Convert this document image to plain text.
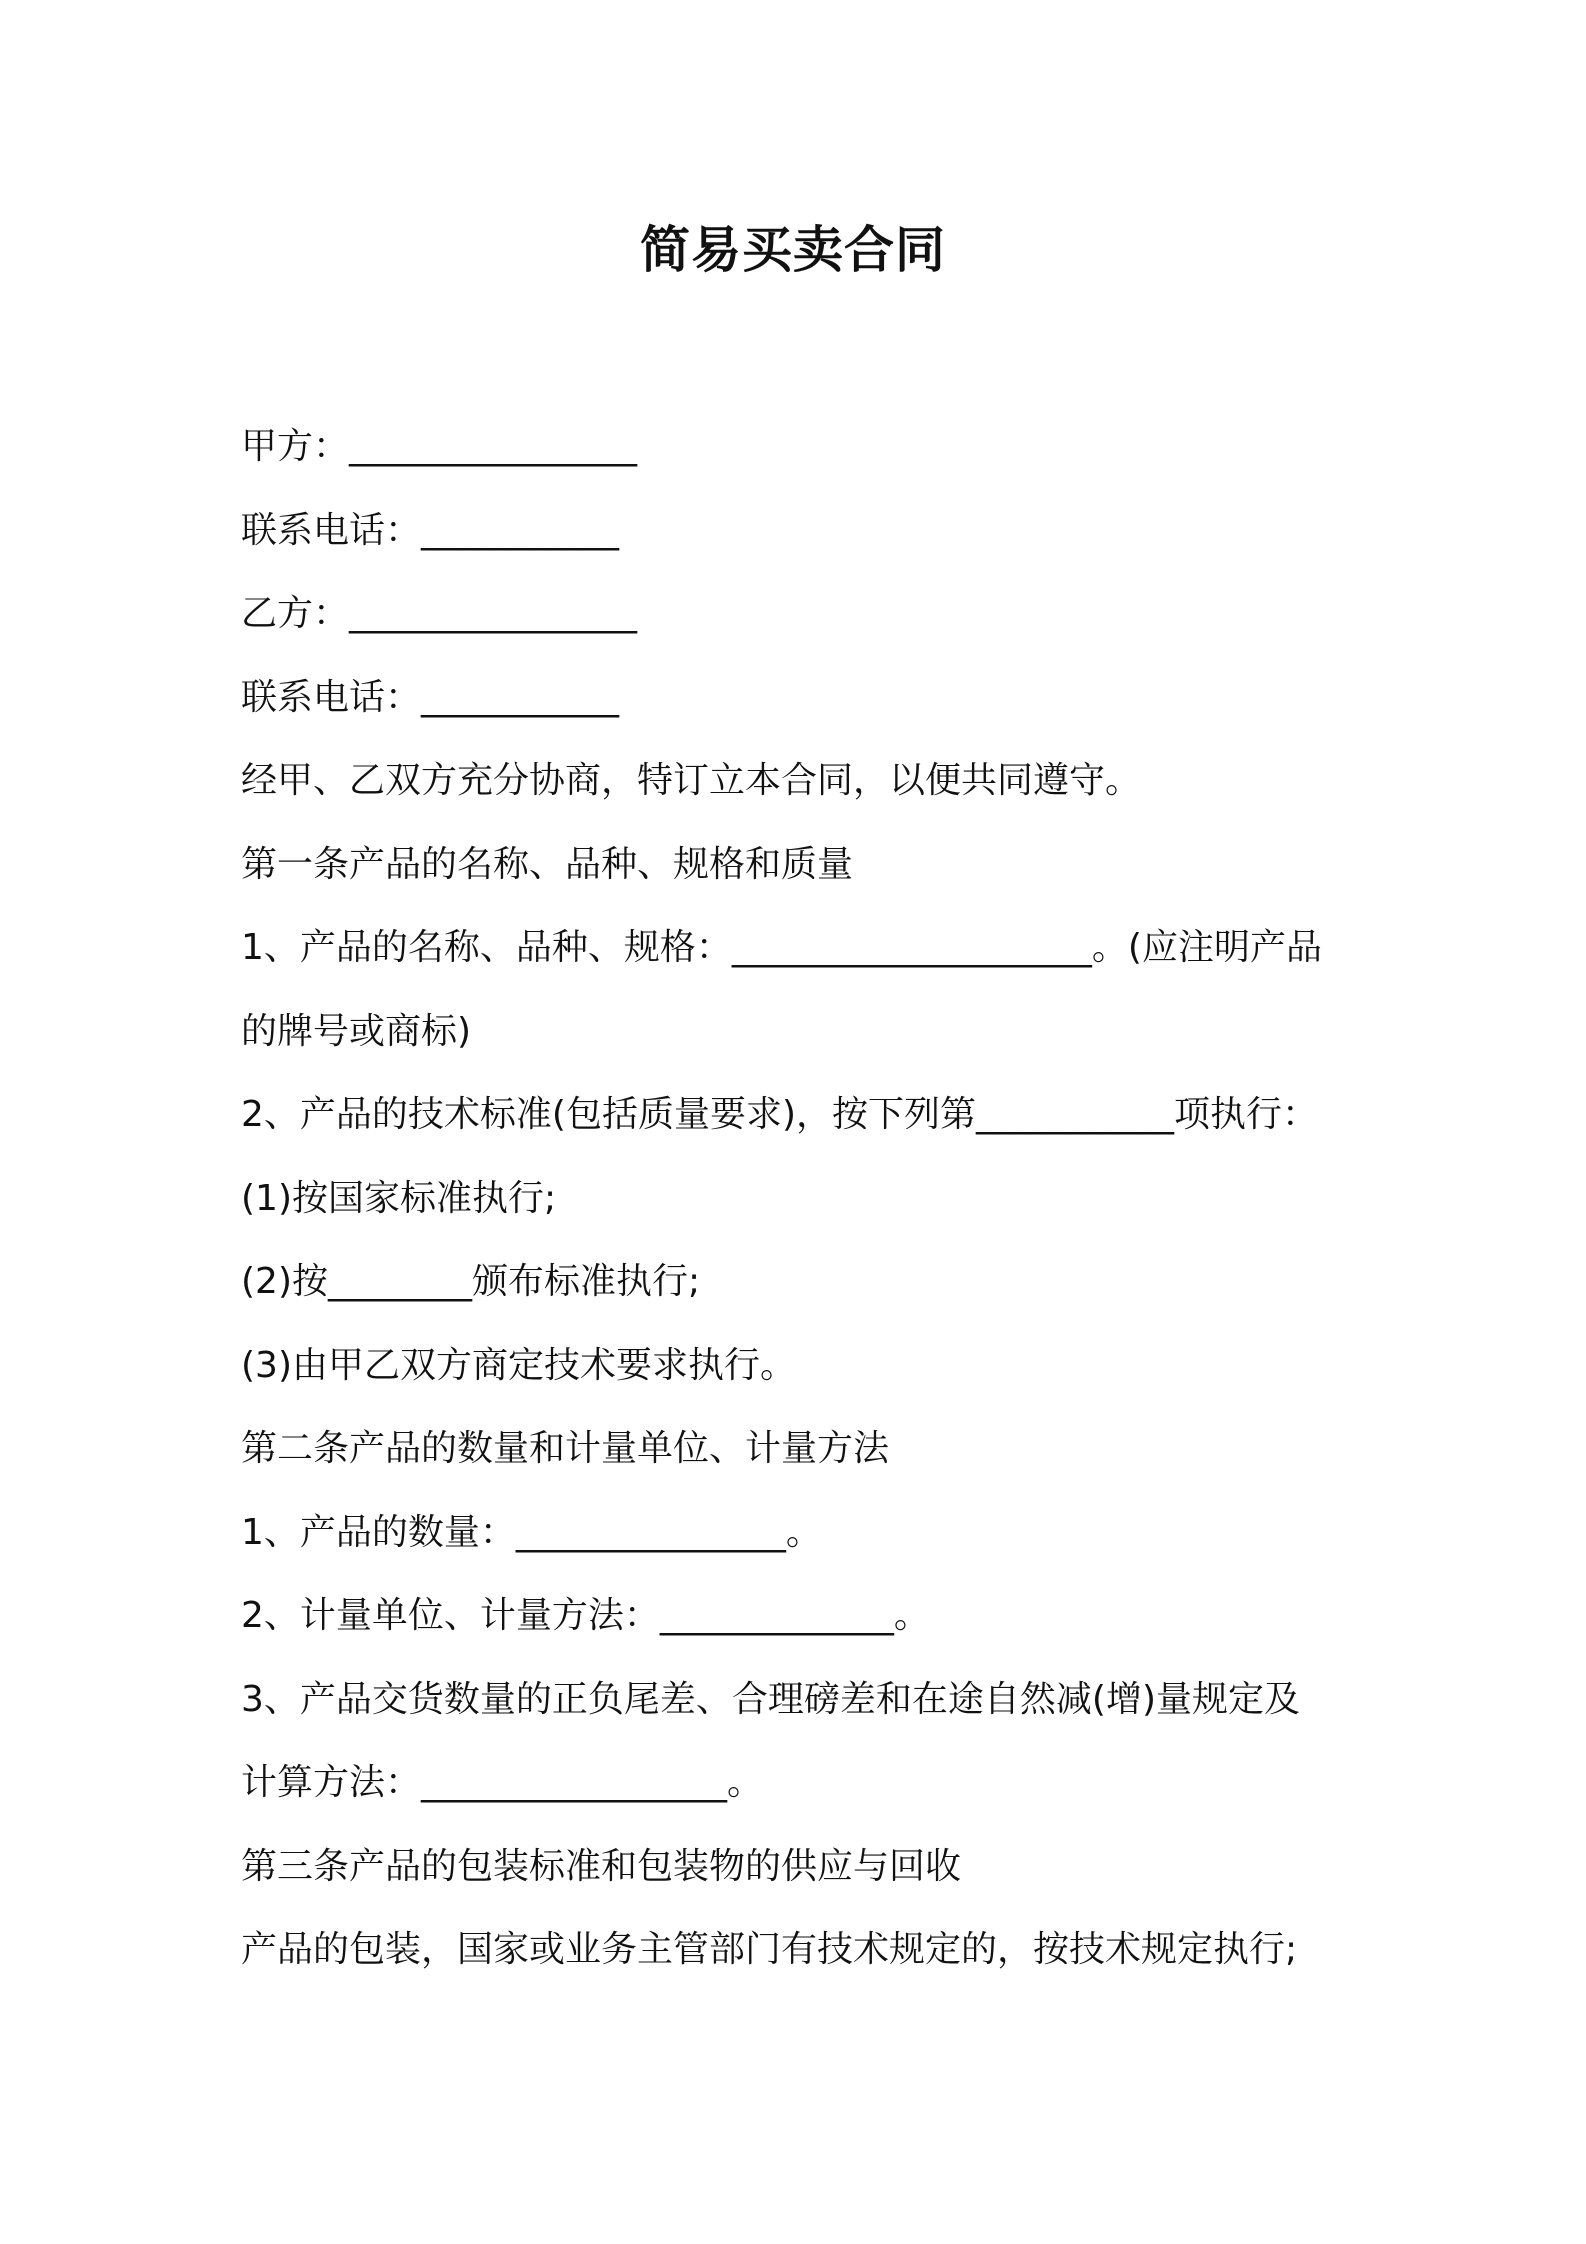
简易买卖合同

甲方：________________

联系电话：___________

乙方：________________

联系电话：___________

经甲、乙双方充分协商，特订立本合同，以便共同遵守。

第一条产品的名称、品种、规格和质量

1、产品的名称、品种、规格：____________________。(应注明产品

的牌号或商标)

2、产品的技术标准(包括质量要求)，按下列第___________项执行：

(1)按国家标准执行;

(2)按________颁布标准执行;

(3)由甲乙双方商定技术要求执行。

第二条产品的数量和计量单位、计量方法

1、产品的数量：_______________。

2、计量单位、计量方法：_____________。

3、产品交货数量的正负尾差、合理磅差和在途自然减(增)量规定及

计算方法：_________________。

第三条产品的包装标准和包装物的供应与回收

产品的包装，国家或业务主管部门有技术规定的，按技术规定执行;
